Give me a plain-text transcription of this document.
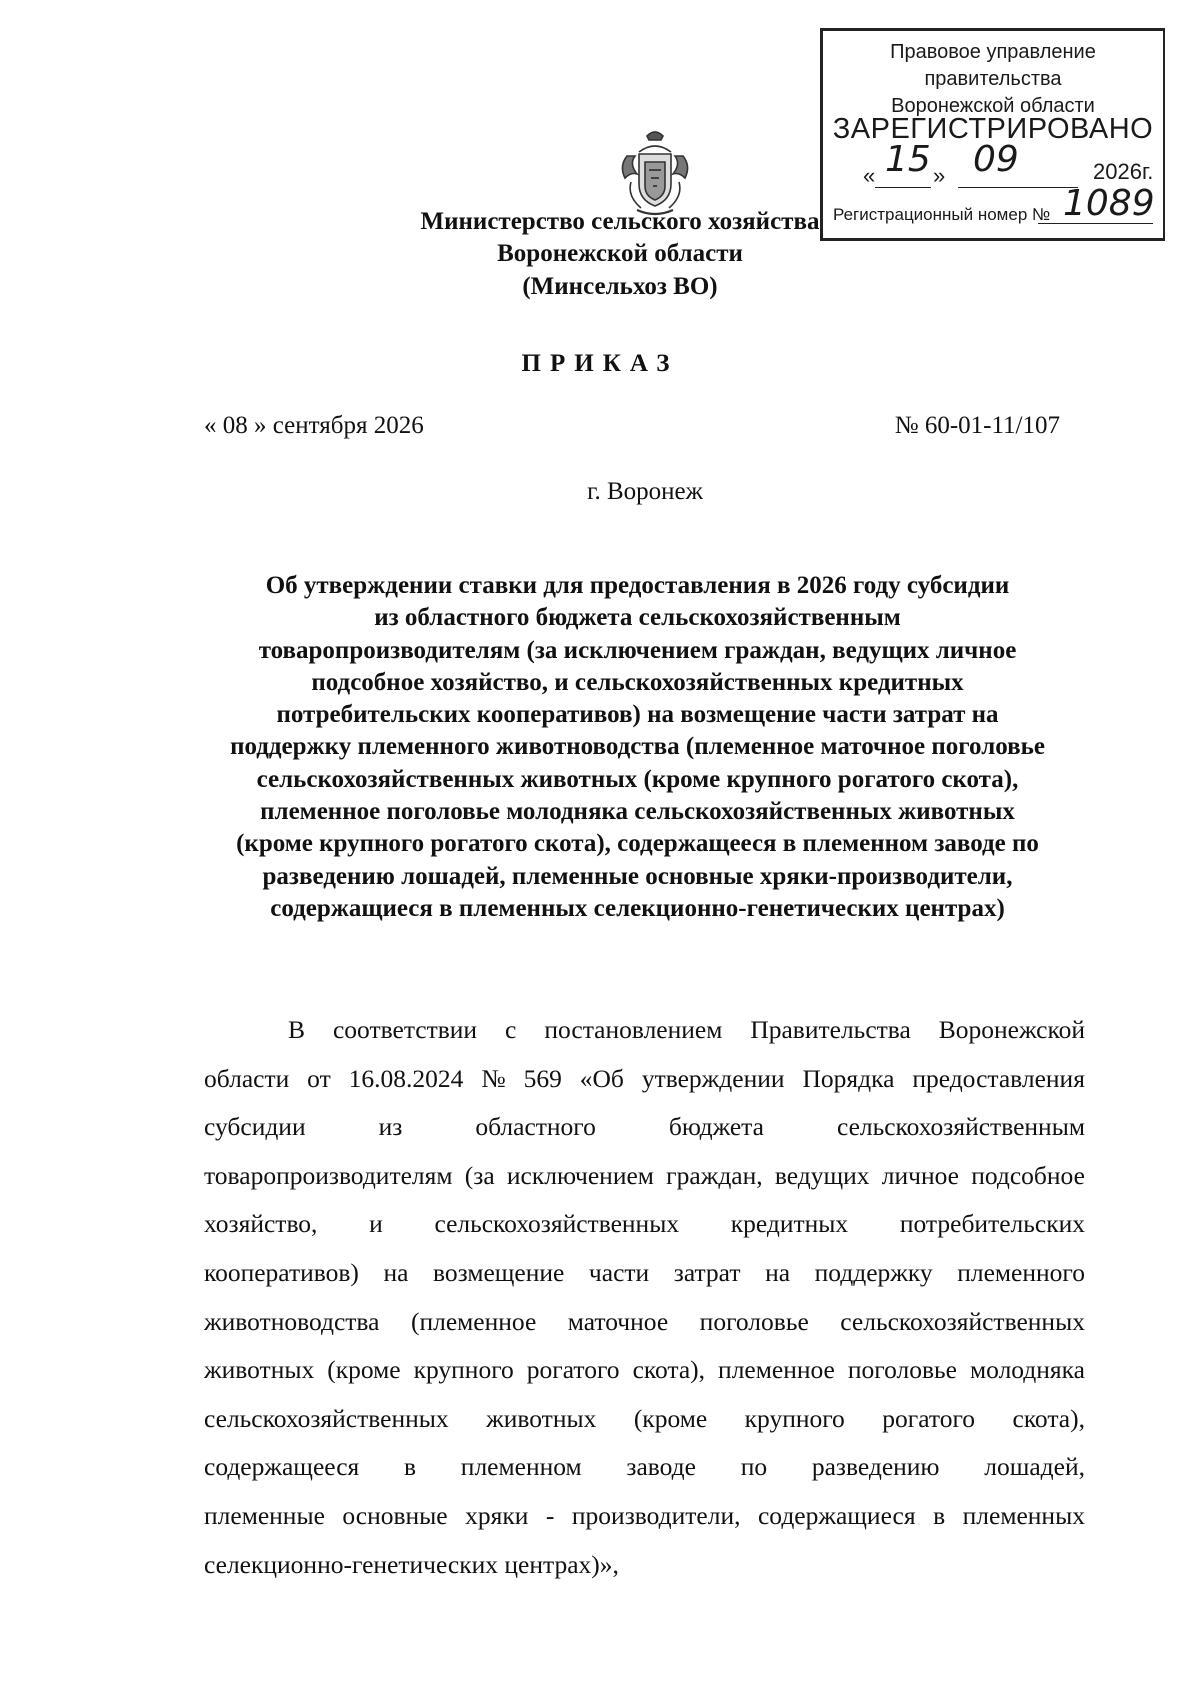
Правовое управление правительства
Воронежской области
ЗАРЕГИСТРИРОВАНО
« 15 » 09	2026г.
Регистрационный номер № 1089
Министерство сельского хозяйства
Воронежской области
(Минсельхоз ВО)
ПРИКАЗ
« 08 » сентября 2026	№ 60-01-11/107
г. Воронеж
Об утверждении ставки для предоставления в 2026 году субсидии
из областного бюджета сельскохозяйственным
товаропроизводителям (за исключением граждан, ведущих личное
подсобное хозяйство, и сельскохозяйственных кредитных
потребительских кооперативов) на возмещение части затрат на
поддержку племенного животноводства (племенное маточное поголовье
сельскохозяйственных животных (кроме крупного рогатого скота),
племенное поголовье молодняка сельскохозяйственных животных
(кроме крупного рогатого скота), содержащееся в племенном заводе по
разведению лошадей, племенные основные хряки-производители,
содержащиеся в племенных селекционно-генетических центрах)
В соответствии с постановлением Правительства Воронежской
области от 16.08.2024 № 569 «Об утверждении Порядка предоставления
субсидии	из	областного	бюджета	сельскохозяйственным
товаропроизводителям (за исключением граждан, ведущих личное подсобное
хозяйство, и сельскохозяйственных кредитных потребительских
кооперативов) на возмещение части затрат на поддержку племенного
животноводства (племенное маточное поголовье сельскохозяйственных
животных (кроме крупного рогатого скота), племенное поголовье молодняка
сельскохозяйственных животных (кроме крупного рогатого скота),
содержащееся в племенном заводе по разведению лошадей,
племенные основные хряки - производители, содержащиеся в племенных
селекционно-генетических центрах)»,
